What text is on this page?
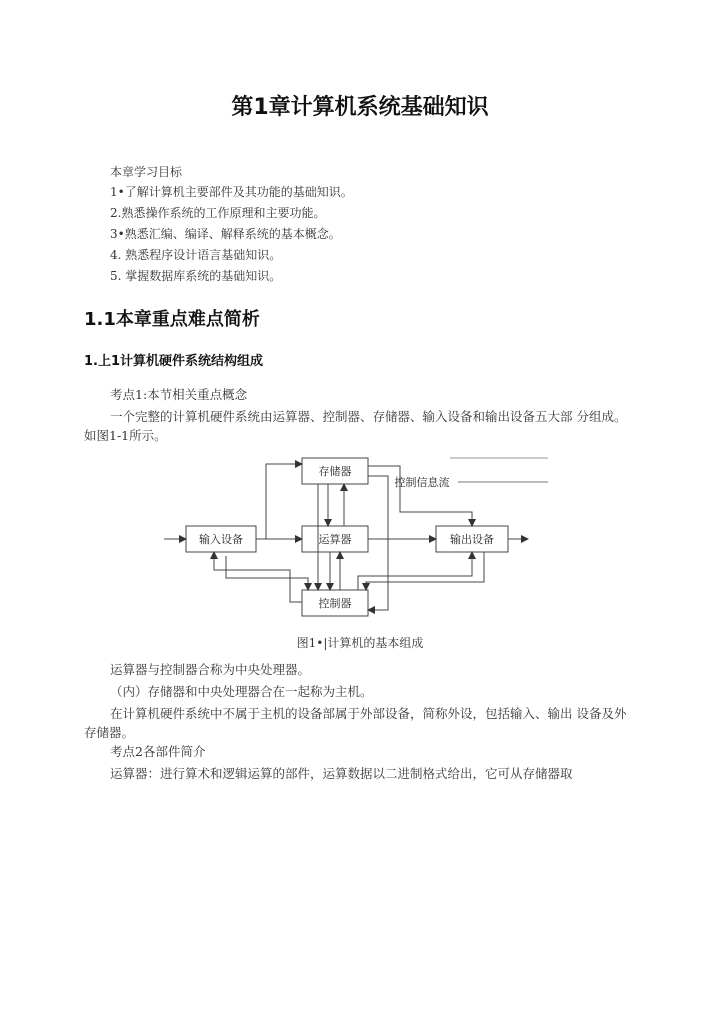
第1章计算机系统基础知识
本章学习目标
1•了解计算机主要部件及其功能的基础知识。
2.熟悉操作系统的工作原理和主要功能。
3•熟悉汇编、编译、解释系统的基本概念。
4. 熟悉程序设计语言基础知识。
5. 掌握数据库系统的基础知识。
1.1本章重点难点简析
1.上1计算机硬件系统结构组成
考点1:本节相关重点概念

一个完整的计算机硬件系统由运算器、控制器、存储器、输入设备和输出设备五大部 分组成。如图1-1所示。

存储器
输入设备	运算器	输出设备
控制器
控制信息流
图1•|计算机的基本组成
运算器与控制器合称为中央处理器。
（内）存储器和中央处理器合在一起称为主机。

在计算机硬件系统中不属于主机的设备部属于外部设备，简称外设，包括输入、输出 设备及外存储器。

考点2各部件简介
运算器：进行算术和逻辑运算的部件，运算数据以二进制格式给出，它可从存储器取
